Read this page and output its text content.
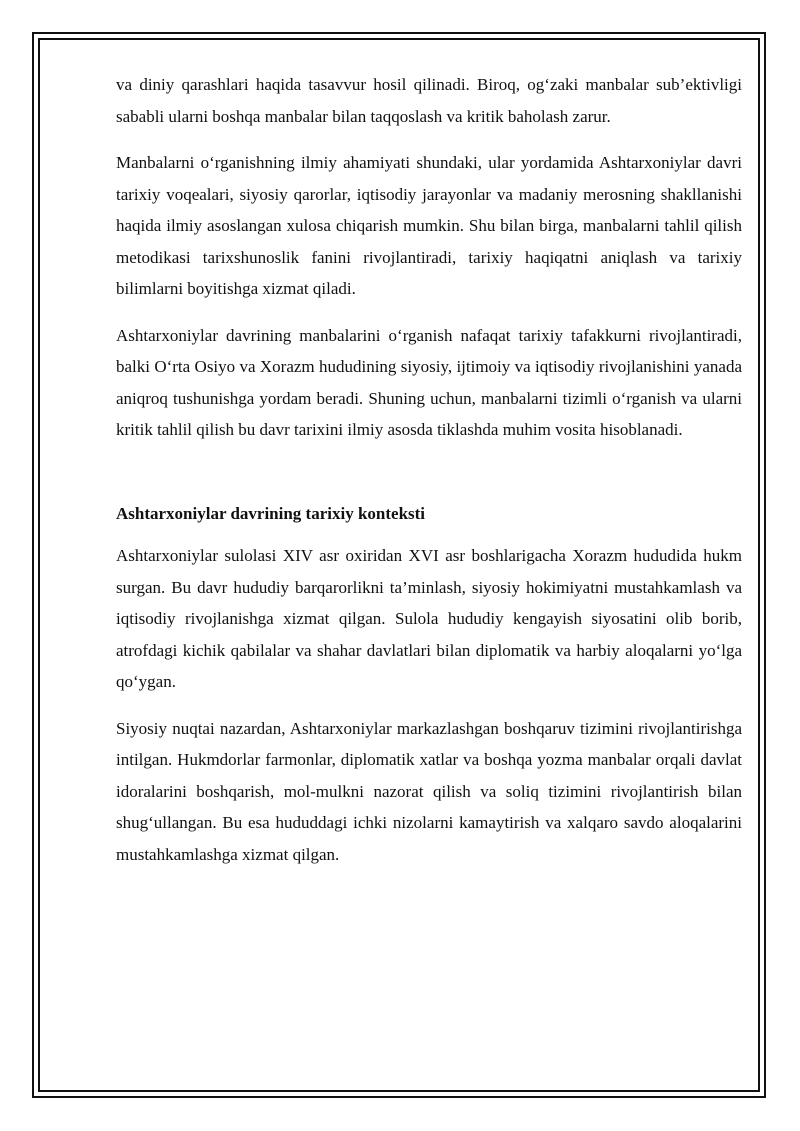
va diniy qarashlari haqida tasavvur hosil qilinadi. Biroq, og‘zaki manbalar sub’ektivligi sababli ularni boshqa manbalar bilan taqqoslash va kritik baholash zarur.

Manbalarni o‘rganishning ilmiy ahamiyati shundaki, ular yordamida Ashtarxoniylar davri tarixiy voqealari, siyosiy qarorlar, iqtisodiy jarayonlar va madaniy merosning shakllanishi haqida ilmiy asoslangan xulosa chiqarish mumkin. Shu bilan birga, manbalarni tahlil qilish metodikasi tarixshunoslik fanini rivojlantiradi, tarixiy haqiqatni aniqlash va tarixiy bilimlarni boyitishga xizmat qiladi.

Ashtarxoniylar davrining manbalarini o‘rganish nafaqat tarixiy tafakkurni rivojlantiradi, balki O‘rta Osiyo va Xorazm hududining siyosiy, ijtimoiy va iqtisodiy rivojlanishini yanada aniqroq tushunishga yordam beradi. Shuning uchun, manbalarni tizimli o‘rganish va ularni kritik tahlil qilish bu davr tarixini ilmiy asosda tiklashda muhim vosita hisoblanadi.

Ashtarxoniylar davrining tarixiy konteksti

Ashtarxoniylar sulolasi XIV asr oxiridan XVI asr boshlarigacha Xorazm hududida hukm surgan. Bu davr hududiy barqarorlikni ta’minlash, siyosiy hokimiyatni mustahkamlash va iqtisodiy rivojlanishga xizmat qilgan. Sulola hududiy kengayish siyosatini olib borib, atrofdagi kichik qabilalar va shahar davlatlari bilan diplomatik va harbiy aloqalarni yo‘lga qo‘ygan.

Siyosiy nuqtai nazardan, Ashtarxoniylar markazlashgan boshqaruv tizimini rivojlantirishga intilgan. Hukmdorlar farmonlar, diplomatik xatlar va boshqa yozma manbalar orqali davlat idoralarini boshqarish, mol-mulkni nazorat qilish va soliq tizimini rivojlantirish bilan shug‘ullangan. Bu esa hududdagi ichki nizolarni kamaytirish va xalqaro savdo aloqalarini mustahkamlashga xizmat qilgan.
